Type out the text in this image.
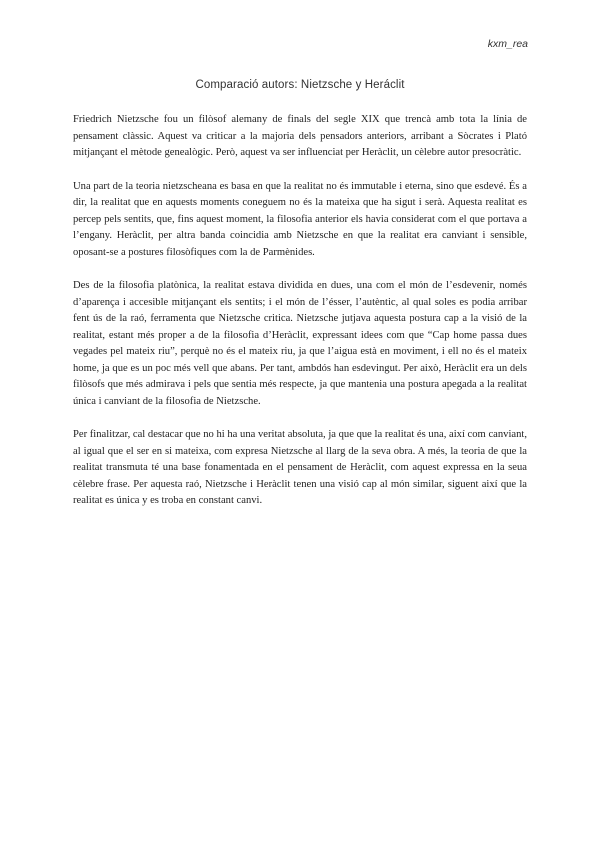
kxm_rea
Comparació autors: Nietzsche y Heráclit

Friedrich Nietzsche fou un filòsof alemany de finals del segle XIX que trencà amb tota la línia de pensament clàssic. Aquest va criticar a la majoria dels pensadors anteriors, arribant a Sòcrates i Plató mitjançant el mètode genealògic. Però, aquest va ser influenciat per Heràclit, un cèlebre autor presocràtic.

Una part de la teoria nietzscheana es basa en que la realitat no és immutable i eterna, sino que esdevé. És a dir, la realitat que en aquests moments coneguem no és la mateixa que ha sigut i serà. Aquesta realitat es percep pels sentits, que, fins aquest moment, la filosofia anterior els havia considerat com el que portava a l’engany. Heràclit, per altra banda coincidia amb Nietzsche en que la realitat era canviant i sensible, oposant-se a postures filosòfiques com la de Parmènides.

Des de la filosofia platònica, la realitat estava dividida en dues, una com el món de l’esdevenir, només d’aparença i accesible mitjançant els sentits; i el món de l’ésser, l’autèntic, al qual soles es podia arribar fent ús de la raó, ferramenta que Nietzsche critica. Nietzsche jutjava aquesta postura cap a la visió de la realitat, estant més proper a de la filosofia d’Heràclit, expressant idees com que “Cap home passa dues vegades pel mateix riu”, perquè no és el mateix riu, ja que l’aigua està en moviment, i ell no és el mateix home, ja que es un poc més vell que abans. Per tant, ambdós han esdevingut. Per això, Heràclit era un dels filòsofs que més admirava i pels que sentia més respecte, ja que mantenia una postura apegada a la realitat única i canviant de la filosofia de Nietzsche.

Per finalitzar, cal destacar que no hi ha una veritat absoluta, ja que que la realitat és una, així com canviant, al igual que el ser en si mateixa, com expresa Nietzsche al llarg de la seva obra. A més, la teoria de que la realitat transmuta té una base fonamentada en el pensament de Heràclit, com aquest expressa en la seua cèlebre frase. Per aquesta raó, Nietzsche i Heràclit tenen una visió cap al món similar, siguent així que la realitat es única y es troba en constant canvi.
